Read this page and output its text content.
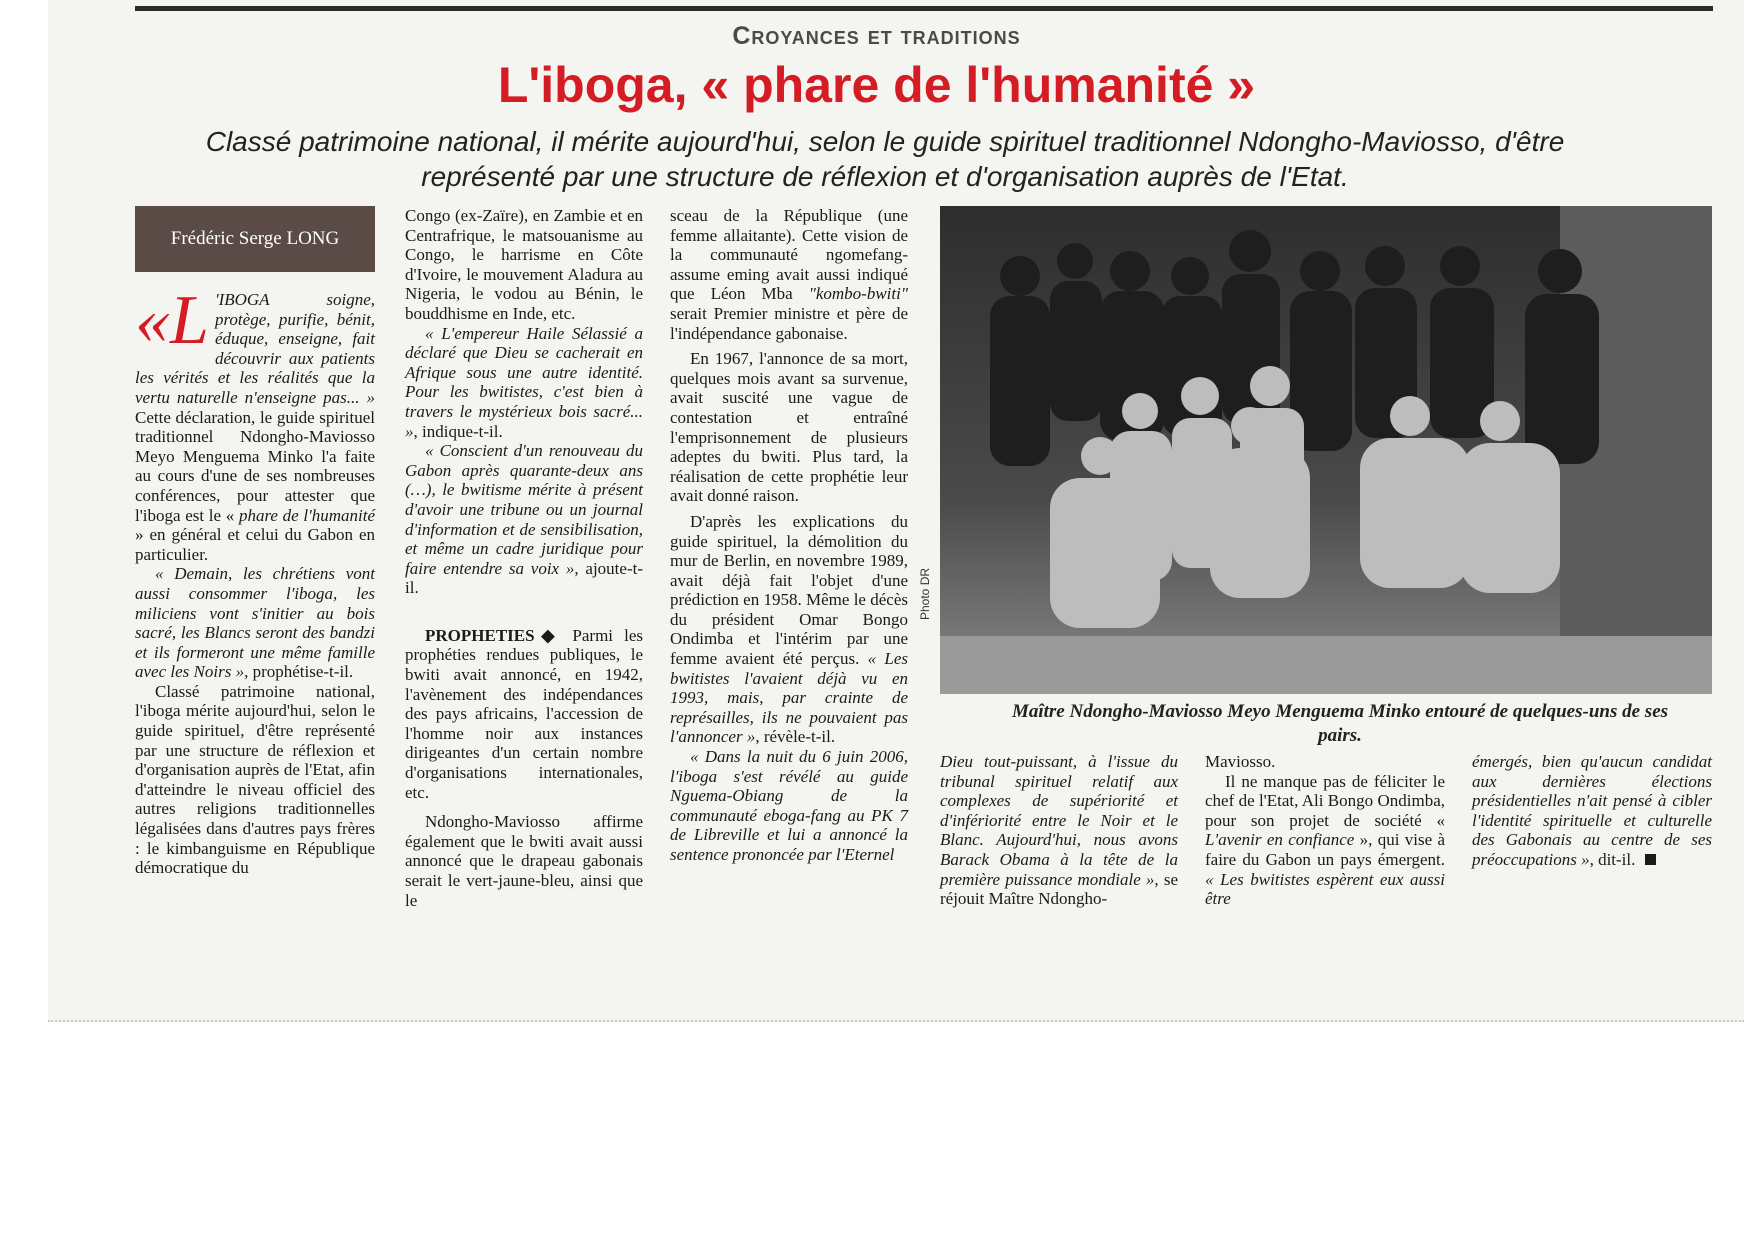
Croyances et traditions
L'iboga, « phare de l'humanité »
Classé patrimoine national, il mérite aujourd'hui, selon le guide spirituel traditionnel Ndongho-Maviosso, d'être représenté par une structure de réflexion et d'organisation auprès de l'Etat.
Frédéric Serge LONG

«L 'IBOGA soigne, protège, purifie, bénit, éduque, enseigne, fait découvrir aux patients les vérités et les réalités que la vertu naturelle n'enseigne pas... » Cette déclaration, le guide spirituel traditionnel Ndongho-Maviosso Meyo Menguema Minko l'a faite au cours d'une de ses nombreuses conférences, pour attester que l'iboga est le « phare de l'humanité » en général et celui du Gabon en particulier.

« Demain, les chrétiens vont aussi consommer l'iboga, les miliciens vont s'initier au bois sacré, les Blancs seront des bandzi et ils formeront une même famille avec les Noirs », prophétise-t-il.

Classé patrimoine national, l'iboga mérite aujourd'hui, selon le guide spirituel, d'être représenté par une structure de réflexion et d'organisation auprès de l'Etat, afin d'atteindre le niveau officiel des autres religions traditionnelles légalisées dans d'autres pays frères : le kimbanguisme en République démocratique du

Congo (ex-Zaïre), en Zambie et en Centrafrique, le matsouanisme au Congo, le harrisme en Côte d'Ivoire, le mouvement Aladura au Nigeria, le vodou au Bénin, le bouddhisme en Inde, etc.

« L'empereur Haile Sélassié a déclaré que Dieu se cacherait en Afrique sous une autre identité. Pour les bwitistes, c'est bien à travers le mystérieux bois sacré... », indique-t-il.

« Conscient d'un renouveau du Gabon après quarante-deux ans (…), le bwitisme mérite à présent d'avoir une tribune ou un journal d'information et de sensibilisation, et même un cadre juridique pour faire entendre sa voix », ajoute-t-il.

PROPHETIES◆ Parmi les prophéties rendues publiques, le bwiti avait annoncé, en 1942, l'avènement des indépendances des pays africains, l'accession de l'homme noir aux instances dirigeantes d'un certain nombre d'organisations internationales, etc.

Ndongho-Maviosso affirme également que le bwiti avait aussi annoncé que le drapeau gabonais serait le vert-jaune-bleu, ainsi que le

sceau de la République (une femme allaitante). Cette vision de la communauté ngomefang-assume eming avait aussi indiqué que Léon Mba "kombo-bwiti" serait Premier ministre et père de l'indépendance gabonaise.

En 1967, l'annonce de sa mort, quelques mois avant sa survenue, avait suscité une vague de contestation et entraîné l'emprisonnement de plusieurs adeptes du bwiti. Plus tard, la réalisation de cette prophétie leur avait donné raison.

D'après les explications du guide spirituel, la démolition du mur de Berlin, en novembre 1989, avait déjà fait l'objet d'une prédiction en 1958. Même le décès du président Omar Bongo Ondimba et l'intérim par une femme avaient été perçus. « Les bwitistes l'avaient déjà vu en 1993, mais, par crainte de représailles, ils ne pouvaient pas l'annoncer », révèle-t-il.

« Dans la nuit du 6 juin 2006, l'iboga s'est révélé au guide Nguema-Obiang de la communauté eboga-fang au PK 7 de Libreville et lui a annoncé la sentence prononcée par l'Eternel

Photo DR
Maître Ndongho-Maviosso Meyo Menguema Minko entouré de quelques-uns de ses pairs.

Dieu tout-puissant, à l'issue du tribunal spirituel relatif aux complexes de supériorité et d'infériorité entre le Noir et le Blanc. Aujourd'hui, nous avons Barack Obama à la tête de la première puissance mondiale », se réjouit Maître Ndongho-

Maviosso.

Il ne manque pas de féliciter le chef de l'Etat, Ali Bongo Ondimba, pour son projet de société « L'avenir en confiance », qui vise à faire du Gabon un pays émergent. « Les bwitistes espèrent eux aussi être

émergés, bien qu'aucun candidat aux dernières élections présidentielles n'ait pensé à cibler l'identité spirituelle et culturelle des Gabonais au centre de ses préoccupations », dit-il.
